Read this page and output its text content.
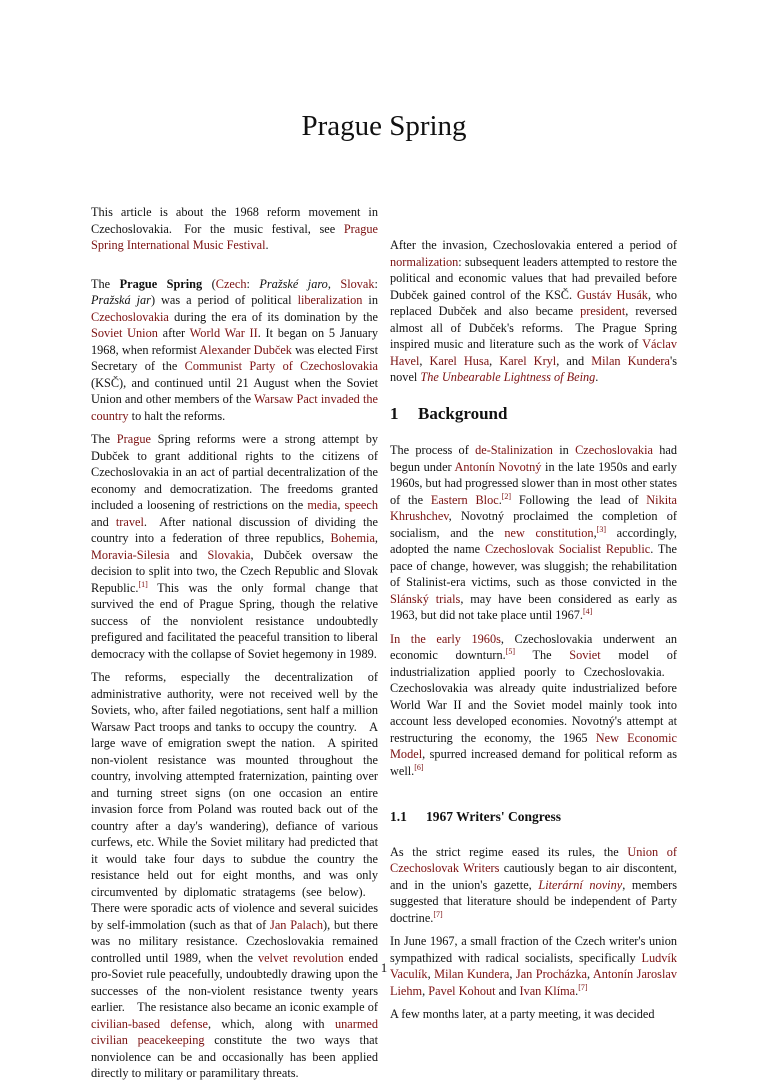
Prague Spring

This article is about the 1968 reform movement in Czechoslovakia. For the music festival, see Prague Spring International Music Festival.

The Prague Spring (Czech: Pražské jaro, Slovak: Pražská jar) was a period of political liberalization in Czechoslovakia during the era of its domination by the Soviet Union after World War II. It began on 5 January 1968, when reformist Alexander Dubček was elected First Secretary of the Communist Party of Czechoslovakia (KSČ), and continued until 21 August when the Soviet Union and other members of the Warsaw Pact invaded the country to halt the reforms.

The Prague Spring reforms were a strong attempt by Dubček to grant additional rights to the citizens of Czechoslovakia in an act of partial decentralization of the economy and democratization. The freedoms granted included a loosening of restrictions on the media, speech and travel. After national discussion of dividing the country into a federation of three republics, Bohemia, Moravia-Silesia and Slovakia, Dubček oversaw the decision to split into two, the Czech Republic and Slovak Republic.[1] This was the only formal change that survived the end of Prague Spring, though the relative success of the nonviolent resistance undoubtedly prefigured and facilitated the peaceful transition to liberal democracy with the collapse of Soviet hegemony in 1989.

The reforms, especially the decentralization of administrative authority, were not received well by the Soviets, who, after failed negotiations, sent half a million Warsaw Pact troops and tanks to occupy the country. A large wave of emigration swept the nation. A spirited non-violent resistance was mounted throughout the country, involving attempted fraternization, painting over and turning street signs (on one occasion an entire invasion force from Poland was routed back out of the country after a day's wandering), defiance of various curfews, etc. While the Soviet military had predicted that it would take four days to subdue the country the resistance held out for eight months, and was only circumvented by diplomatic stratagems (see below). There were sporadic acts of violence and several suicides by self-immolation (such as that of Jan Palach), but there was no military resistance. Czechoslovakia remained controlled until 1989, when the velvet revolution ended pro-Soviet rule peacefully, undoubtedly drawing upon the successes of the non-violent resistance twenty years earlier. The resistance also became an iconic example of civilian-based defense, which, along with unarmed civilian peacekeeping constitute the two ways that nonviolence can be and occasionally has been applied directly to military or paramilitary threats.

After the invasion, Czechoslovakia entered a period of normalization: subsequent leaders attempted to restore the political and economic values that had prevailed before Dubček gained control of the KSČ. Gustáv Husák, who replaced Dubček and also became president, reversed almost all of Dubček's reforms. The Prague Spring inspired music and literature such as the work of Václav Havel, Karel Husa, Karel Kryl, and Milan Kundera's novel The Unbearable Lightness of Being.

1 Background

The process of de-Stalinization in Czechoslovakia had begun under Antonín Novotný in the late 1950s and early 1960s, but had progressed slower than in most other states of the Eastern Bloc.[2] Following the lead of Nikita Khrushchev, Novotný proclaimed the completion of socialism, and the new constitution,[3] accordingly, adopted the name Czechoslovak Socialist Republic. The pace of change, however, was sluggish; the rehabilitation of Stalinist-era victims, such as those convicted in the Slánský trials, may have been considered as early as 1963, but did not take place until 1967.[4]

In the early 1960s, Czechoslovakia underwent an economic downturn.[5] The Soviet model of industrialization applied poorly to Czechoslovakia. Czechoslovakia was already quite industrialized before World War II and the Soviet model mainly took into account less developed economies. Novotný's attempt at restructuring the economy, the 1965 New Economic Model, spurred increased demand for political reform as well.[6]

1.1 1967 Writers' Congress

As the strict regime eased its rules, the Union of Czechoslovak Writers cautiously began to air discontent, and in the union's gazette, Literární noviny, members suggested that literature should be independent of Party doctrine.[7]

In June 1967, a small fraction of the Czech writer's union sympathized with radical socialists, specifically Ludvík Vaculík, Milan Kundera, Jan Procházka, Antonín Jaroslav Liehm, Pavel Kohout and Ivan Klíma.[7]

A few months later, at a party meeting, it was decided

1
